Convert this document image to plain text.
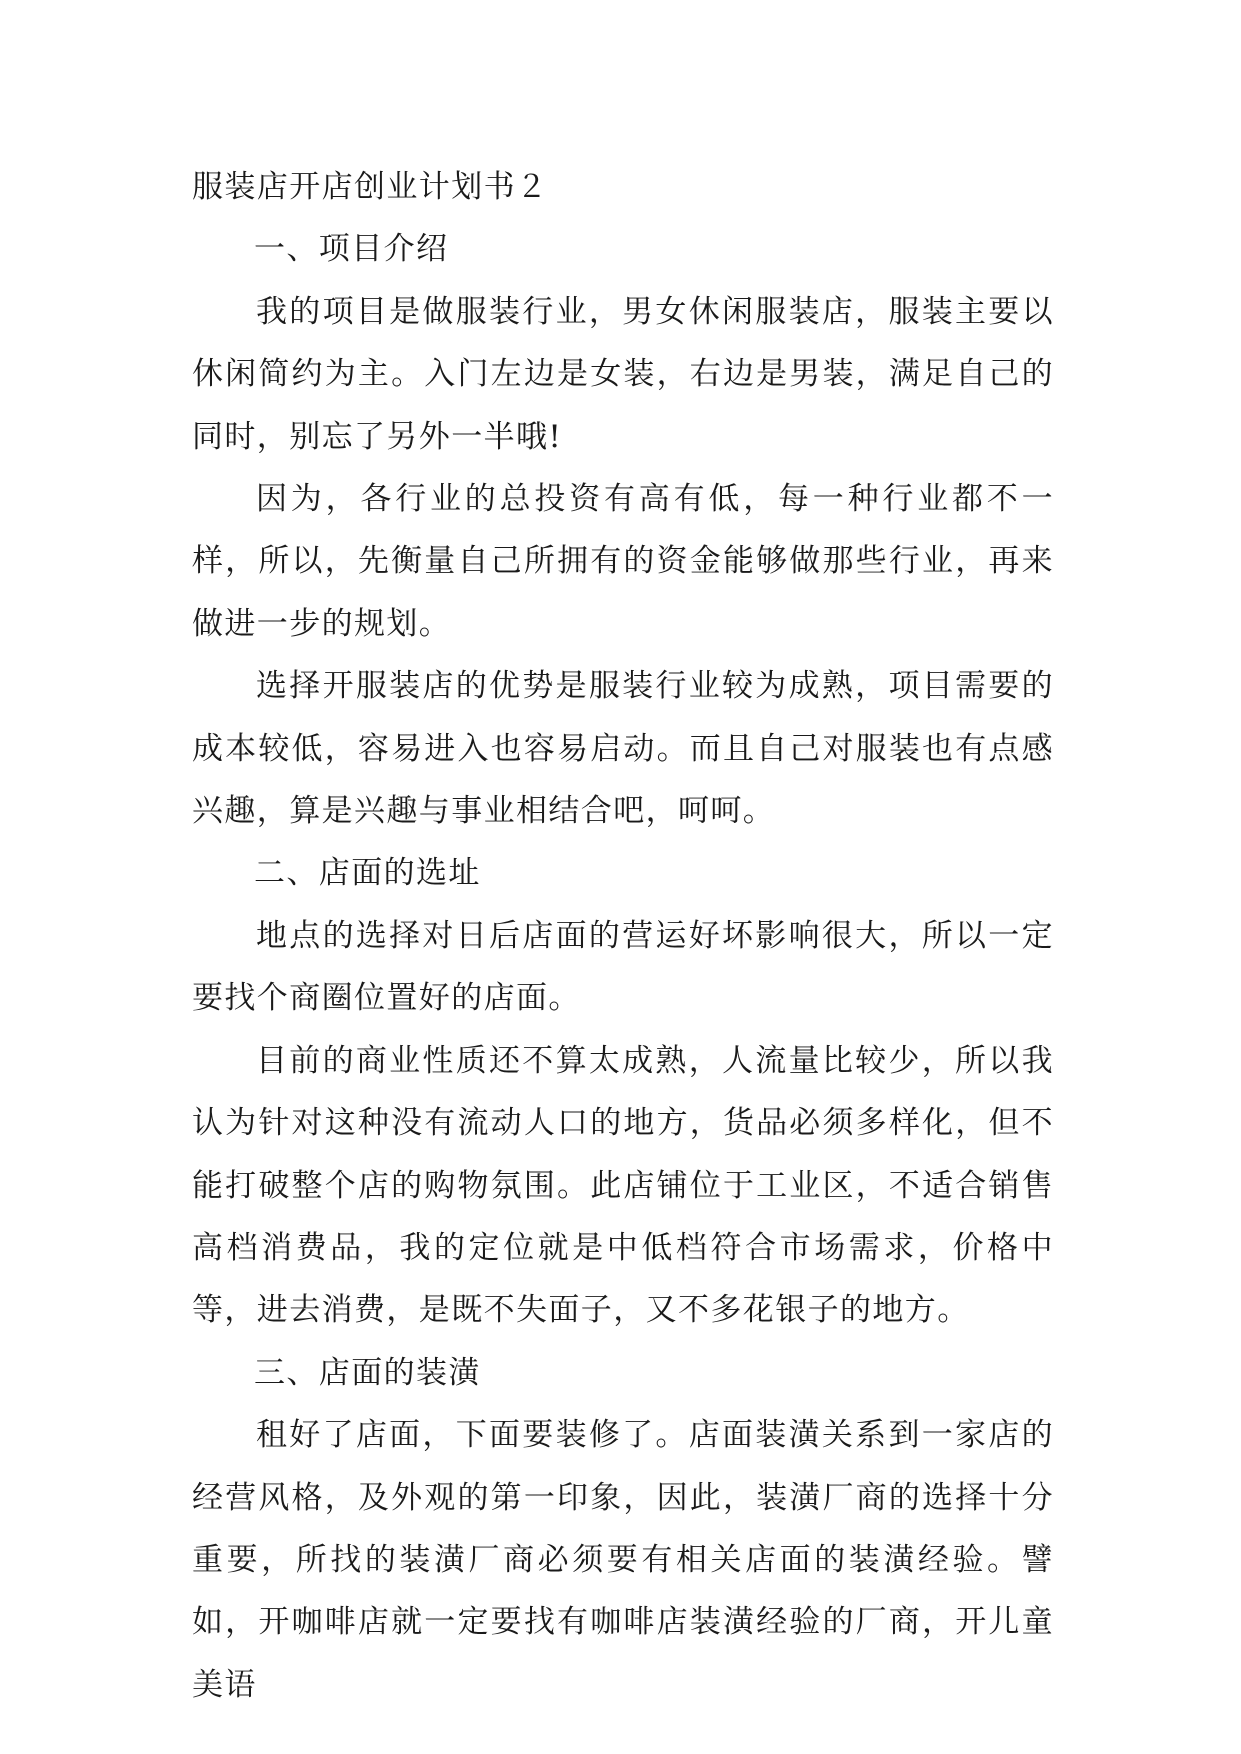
服装店开店创业计划书２

一、项目介绍

我的项目是做服装行业，男女休闲服装店，服装主要以休闲简约为主。入门左边是女装，右边是男装，满足自己的同时，别忘了另外一半哦!

因为，各行业的总投资有高有低，每一种行业都不一样，所以，先衡量自己所拥有的资金能够做那些行业，再来做进一步的规划。

选择开服装店的优势是服装行业较为成熟，项目需要的成本较低，容易进入也容易启动。而且自己对服装也有点感兴趣，算是兴趣与事业相结合吧，呵呵。

二、店面的选址

地点的选择对日后店面的营运好坏影响很大，所以一定要找个商圈位置好的店面。

目前的商业性质还不算太成熟，人流量比较少，所以我认为针对这种没有流动人口的地方，货品必须多样化，但不能打破整个店的购物氛围。此店铺位于工业区，不适合销售高档消费品，我的定位就是中低档符合市场需求，价格中等，进去消费，是既不失面子，又不多花银子的地方。

三、店面的装潢

租好了店面，下面要装修了。店面装潢关系到一家店的经营风格，及外观的第一印象，因此，装潢厂商的选择十分重要，所找的装潢厂商必须要有相关店面的装潢经验。譬如，开咖啡店就一定要找有咖啡店装潢经验的厂商，开儿童美语
